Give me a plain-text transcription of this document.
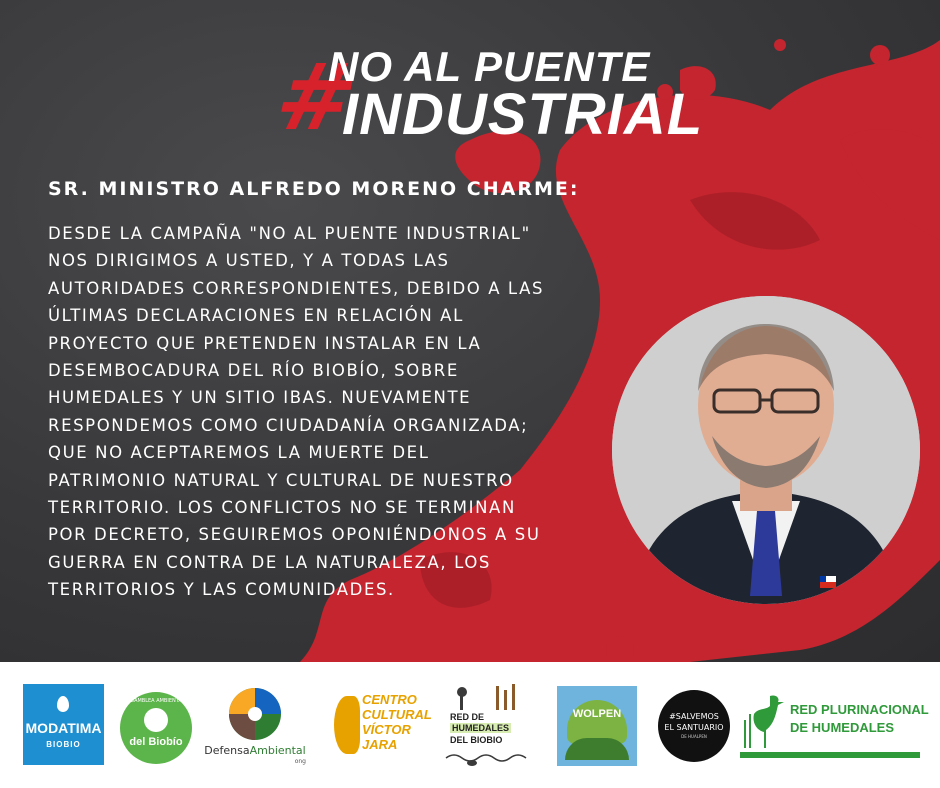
#
NO AL PUENTE
INDUSTRIAL
SR. MINISTRO ALFREDO MORENO CHARME:
DESDE LA CAMPAÑA "NO AL PUENTE INDUSTRIAL"
NOS DIRIGIMOS A USTED, Y A TODAS LAS
AUTORIDADES CORRESPONDIENTES, DEBIDO A LAS
ÚLTIMAS DECLARACIONES EN RELACIÓN AL
PROYECTO QUE PRETENDEN INSTALAR EN LA
DESEMBOCADURA DEL RÍO BIOBÍO, SOBRE
HUMEDALES Y UN SITIO IBAS. NUEVAMENTE
RESPONDEMOS COMO CIUDADANÍA ORGANIZADA;
QUE NO ACEPTAREMOS LA MUERTE DEL
PATRIMONIO NATURAL Y CULTURAL DE NUESTRO
TERRITORIO. LOS CONFLICTOS NO SE TERMINAN
POR DECRETO, SEGUIREMOS OPONIÉNDONOS A SU
GUERRA EN CONTRA DE LA NATURALEZA, LOS
TERRITORIOS Y LAS COMUNIDADES.
MODATIMA
BIOBIO
ASAMBLEA AMBIENTAL
del Biobío
DefensaAmbiental
ong
CENTRO
CULTURAL
VÍCTOR
JARA
RED DE
HUMEDALES
DEL BIOBIO
WOLPEN	#SALVEMOS
EL SANTUARIO
DE HUALPEN
RED PLURINACIONAL
DE HUMEDALES
